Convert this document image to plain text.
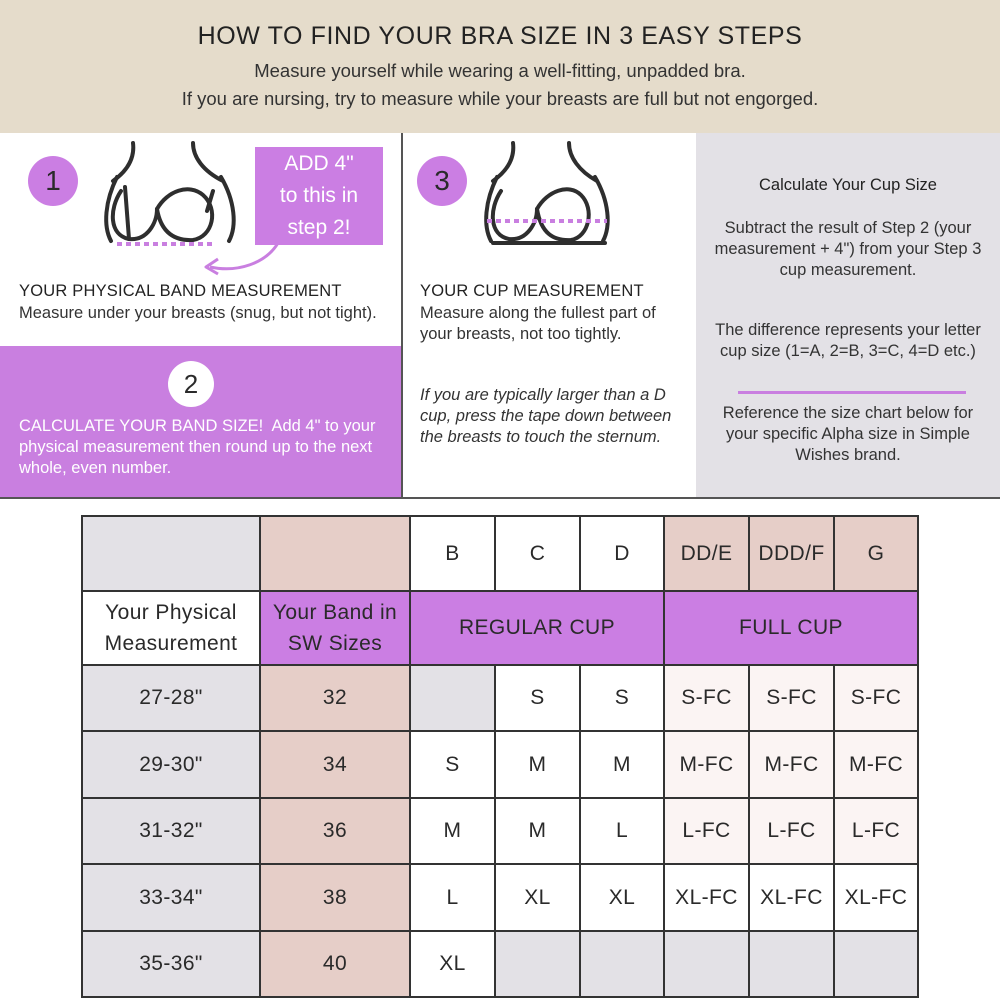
HOW TO FIND YOUR BRA SIZE IN 3 EASY STEPS
Measure yourself while wearing a well-fitting, unpadded bra.
If you are nursing, try to measure while your breasts are full but not engorged.
1
ADD 4"
to this in
step 2!
YOUR PHYSICAL BAND MEASUREMENT
Measure under your breasts (snug, but not tight).
2
CALCULATE YOUR BAND SIZE! Add 4" to your physical measurement then round up to the next whole, even number.
3
YOUR CUP MEASUREMENT
Measure along the fullest part of your breasts, not too tightly.
If you are typically larger than a D cup, press the tape down between the breasts to touch the sternum.
Calculate Your Cup Size
Subtract the result of Step 2 (your measurement + 4") from your Step 3 cup measurement.
The difference represents your letter cup size (1=A, 2=B, 3=C, 4=D etc.)
Reference the size chart below for your specific Alpha size in Simple Wishes brand.
		B	C	D	DD/E	DDD/F	G
Your Physical Measurement	Your Band in SW Sizes	REGULAR CUP			FULL CUP		
27-28"	32		S	S	S-FC	S-FC	S-FC
29-30"	34	S	M	M	M-FC	M-FC	M-FC
31-32"	36	M	M	L	L-FC	L-FC	L-FC
33-34"	38	L	XL	XL	XL-FC	XL-FC	XL-FC
35-36"	40	XL					
